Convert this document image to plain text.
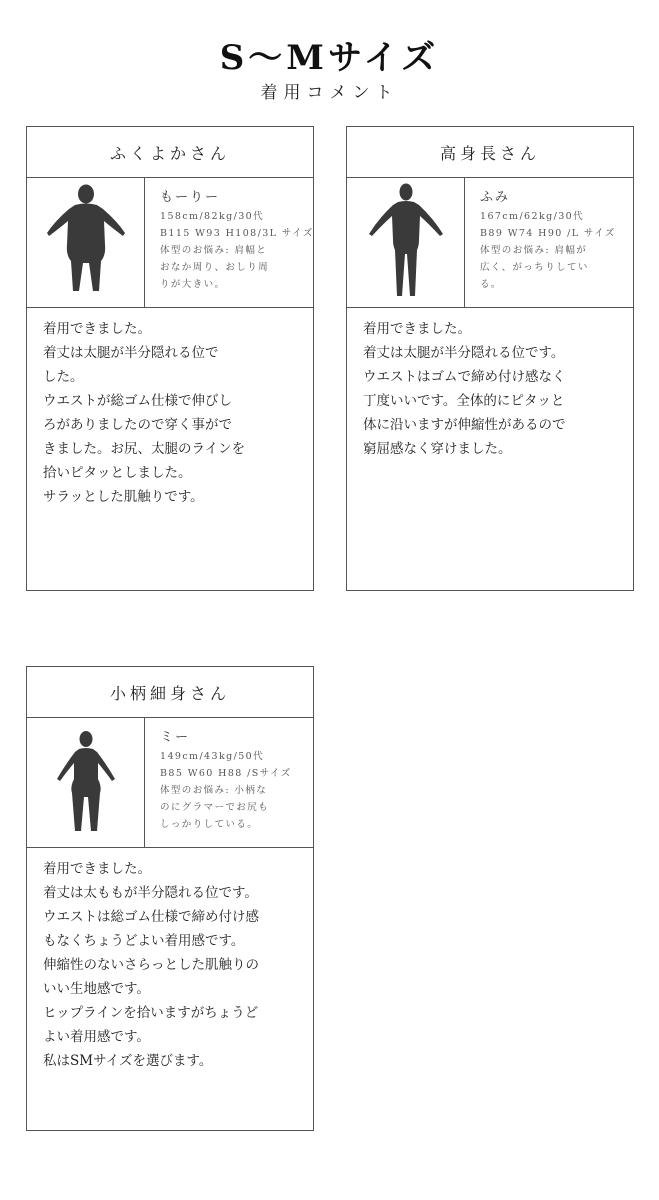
S～Mサイズ
着用コメント
ふくよかさん
もーりー
158cm/82kg/30代
B115 W93 H108/3L サイズ
体型のお悩み: 肩幅と
おなか周り、おしり周
りが大きい。
着用できました。
着丈は太腿が半分隠れる位で
した。
ウエストが総ゴム仕様で伸びし
ろがありましたので穿く事がで
きました。お尻、太腿のラインを
拾いピタッとしました。
サラッとした肌触りです。
高身長さん
ふみ
167cm/62kg/30代
B89 W74 H90 /L サイズ
体型のお悩み: 肩幅が
広く、がっちりしてい
る。
着用できました。
着丈は太腿が半分隠れる位です。
ウエストはゴムで締め付け感なく
丁度いいです。全体的にピタッと
体に沿いますが伸縮性があるので
窮屈感なく穿けました。
小柄細身さん
ミー
149cm/43kg/50代
B85 W60 H88 /Sサイズ
体型のお悩み: 小柄な
のにグラマーでお尻も
しっかりしている。
着用できました。
着丈は太ももが半分隠れる位です。
ウエストは総ゴム仕様で締め付け感
もなくちょうどよい着用感です。
伸縮性のないさらっとした肌触りの
いい生地感です。
ヒップラインを拾いますがちょうど
よい着用感です。
私はSMサイズを選びます。
